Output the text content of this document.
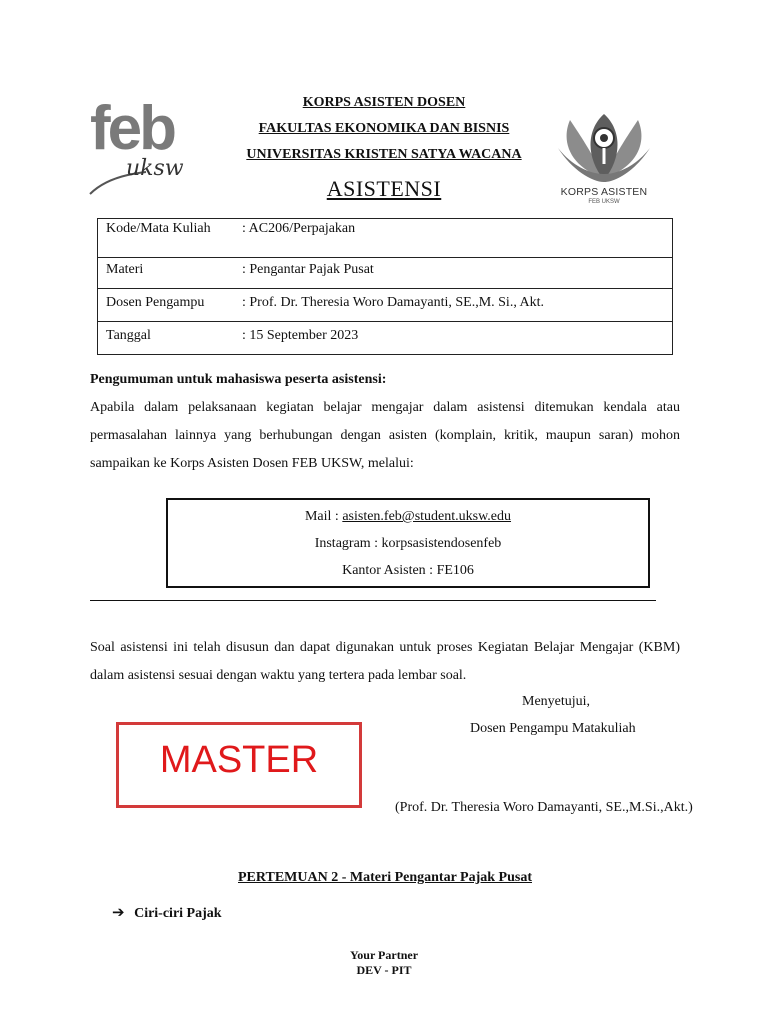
KORPS ASISTEN DOSEN
FAKULTAS EKONOMIKA DAN BISNIS
UNIVERSITAS KRISTEN SATYA WACANA
ASISTENSI
feb
uksw
KORPS ASISTEN
FEB UKSW
Kode/Mata Kuliah	: AC206/Perpajakan
Materi	: Pengantar Pajak Pusat
Dosen Pengampu	: Prof. Dr. Theresia Woro Damayanti, SE.,M. Si., Akt.
Tanggal	: 15 September 2023
Pengumuman untuk mahasiswa peserta asistensi:
Apabila dalam pelaksanaan kegiatan belajar mengajar dalam asistensi ditemukan kendala atau permasalahan lainnya yang berhubungan dengan asisten (komplain, kritik, maupun saran) mohon sampaikan ke Korps Asisten Dosen FEB UKSW, melalui:
Mail : asisten.feb@student.uksw.edu
Instagram : korpsasistendosenfeb
Kantor Asisten : FE106
Soal asistensi ini telah disusun dan dapat digunakan untuk proses Kegiatan Belajar Mengajar (KBM) dalam asistensi sesuai dengan waktu yang tertera pada lembar soal.
Menyetujui,
Dosen Pengampu Matakuliah
MASTER
(Prof. Dr. Theresia Woro Damayanti, SE.,M.Si.,Akt.)
PERTEMUAN 2 - Materi Pengantar Pajak Pusat
➔ Ciri-ciri Pajak
Your Partner
DEV - PIT
